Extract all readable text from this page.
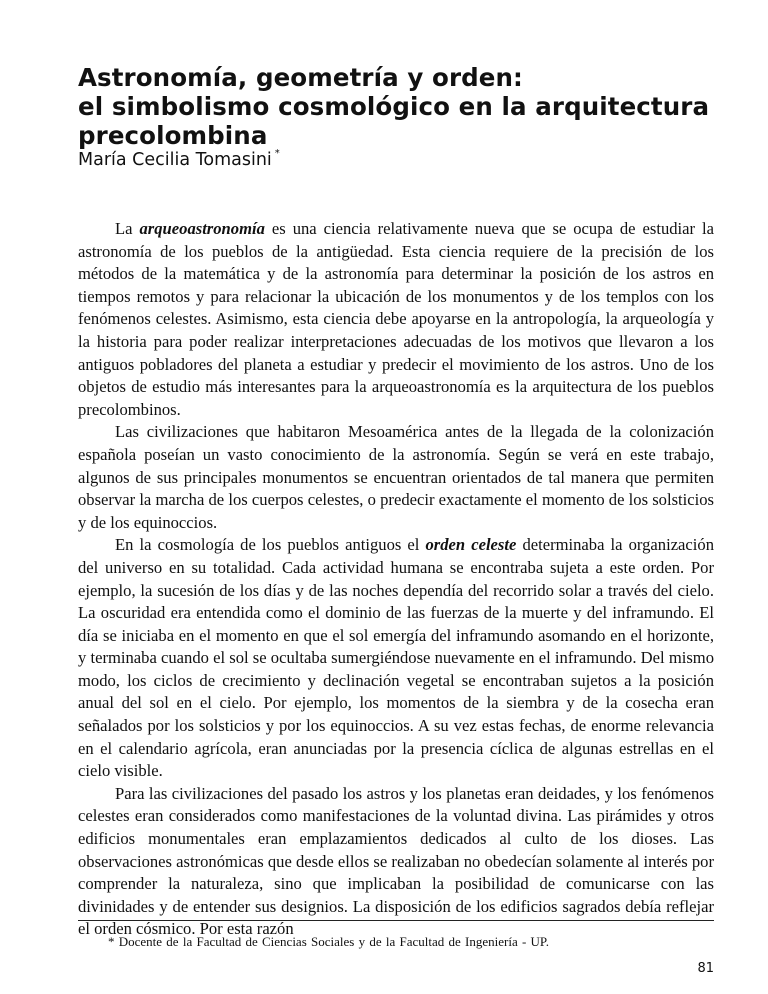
Astronomía, geometría y orden:
el simbolismo cosmológico en la arquitectura
precolombina
María Cecilia Tomasini *

La arqueoastronomía es una ciencia relativamente nueva que se ocupa de estudiar la astronomía de los pueblos de la antigüedad. Esta ciencia requiere de la precisión de los métodos de la matemática y de la astronomía para determinar la posición de los astros en tiempos remotos y para relacionar la ubicación de los monumentos y de los templos con los fenómenos celestes. Asimismo, esta ciencia debe apoyarse en la antropología, la arqueología y la historia para poder realizar interpretaciones adecuadas de los motivos que llevaron a los antiguos pobladores del planeta a estudiar y predecir el movimiento de los astros. Uno de los objetos de estudio más interesantes para la arqueoastronomía es la arquitectura de los pueblos precolombinos.

Las civilizaciones que habitaron Mesoamérica antes de la llegada de la colonización española poseían un vasto conocimiento de la astronomía. Según se verá en este trabajo, algunos de sus principales monumentos se encuentran orientados de tal manera que permiten observar la marcha de los cuerpos celestes, o predecir exactamente el momento de los solsticios y de los equinoccios.

En la cosmología de los pueblos antiguos el orden celeste determinaba la organización del universo en su totalidad. Cada actividad humana se encontraba sujeta a este orden. Por ejemplo, la sucesión de los días y de las noches dependía del recorrido solar a través del cielo. La oscuridad era entendida como el dominio de las fuerzas de la muerte y del inframundo. El día se iniciaba en el momento en que el sol emergía del inframundo asomando en el horizonte, y terminaba cuando el sol se ocultaba sumergiéndose nuevamente en el inframundo. Del mismo modo, los ciclos de crecimiento y declinación vegetal se encontraban sujetos a la posición anual del sol en el cielo. Por ejemplo, los momentos de la siembra y de la cosecha eran señalados por los solsticios y por los equinoccios. A su vez estas fechas, de enorme relevancia en el calendario agrícola, eran anunciadas por la presencia cíclica de algunas estrellas en el cielo visible.

Para las civilizaciones del pasado los astros y los planetas eran deidades, y los fenómenos celestes eran considerados como manifestaciones de la voluntad divina. Las pirámides y otros edificios monumentales eran emplazamientos dedicados al culto de los dioses. Las observaciones astronómicas que desde ellos se realizaban no obedecían solamente al interés por comprender la naturaleza, sino que implicaban la posibilidad de comunicarse con las divinidades y de entender sus designios. La disposición de los edificios sagrados debía reflejar el orden cósmico. Por esta razón

* Docente de la Facultad de Ciencias Sociales y de la Facultad de Ingeniería - UP.
81
